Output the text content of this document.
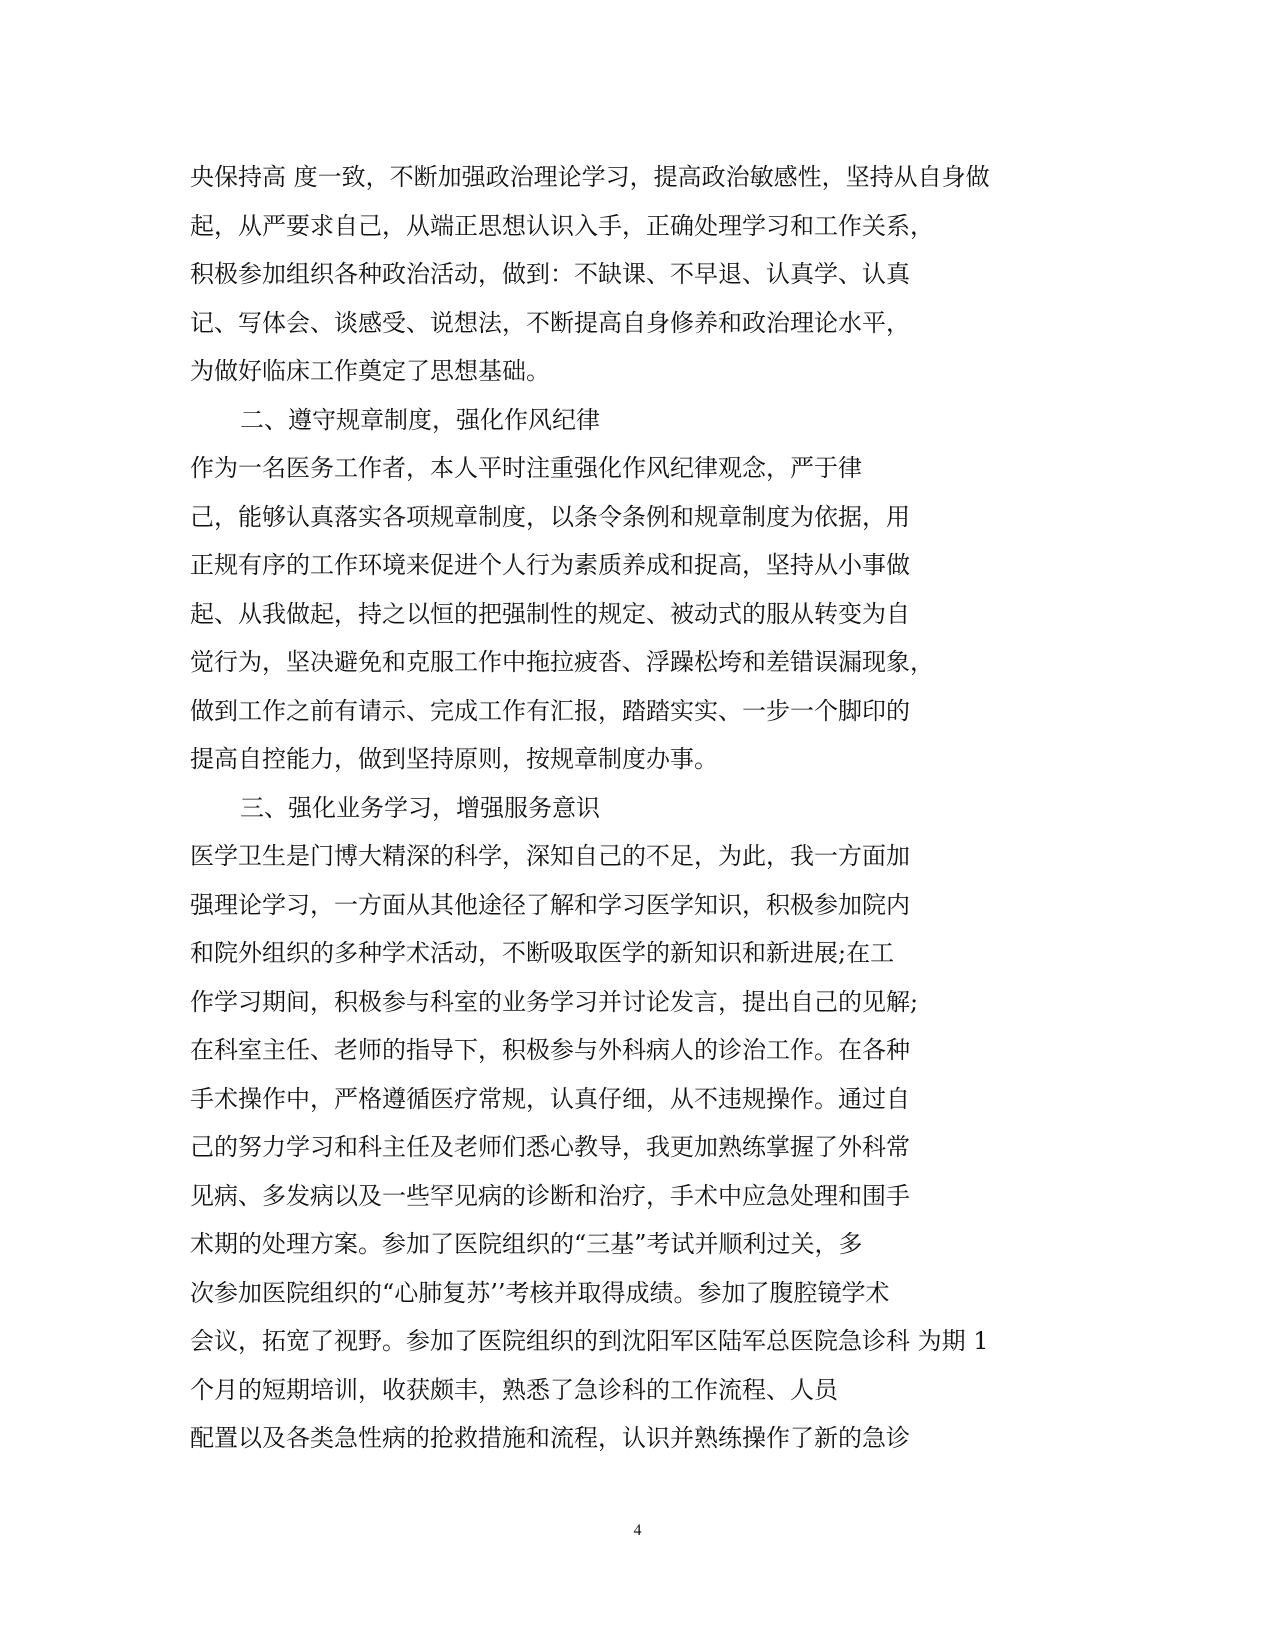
央保持高 度一致，不断加强政治理论学习，提高政治敏感性，坚持从自身做
起，从严要求自己，从端正思想认识入手，正确处理学习和工作关系，
积极参加组织各种政治活动，做到：不缺课、不早退、认真学、认真
记、写体会、谈感受、说想法，不断提高自身修养和政治理论水平，
为做好临床工作奠定了思想基础。
二、遵守规章制度，强化作风纪律
作为一名医务工作者，本人平时注重强化作风纪律观念，严于律
己，能够认真落实各项规章制度，以条令条例和规章制度为依据，用
正规有序的工作环境来促进个人行为素质养成和捉高，坚持从小事做
起、从我做起，持之以恒的把强制性的规定、被动式的服从转变为自
觉行为，坚决避免和克服工作中拖拉疲沓、浮躁松垮和差错误漏现象，
做到工作之前有请示、完成工作有汇报，踏踏实实、一步一个脚印的
提高自控能力，做到坚持原则，按规章制度办事。
三、强化业务学习，增强服务意识
医学卫生是门博大精深的科学，深知自己的不足，为此，我一方面加
强理论学习，一方面从其他途径了解和学习医学知识，积极参加院内
和院外组织的多种学术活动，不断吸取医学的新知识和新进展;在工
作学习期间，积极参与科室的业务学习并讨论发言，提出自己的见解;
在科室主任、老师的指导下，积极参与外科病人的诊治工作。在各种
手术操作中，严格遵循医疗常规，认真仔细，从不违规操作。通过自
己的努力学习和科主任及老师们悉心教导，我更加熟练掌握了外科常
见病、多发病以及一些罕见病的诊断和治疗，手术中应急处理和围手
术期的处理方案。参加了医院组织的“三基”考试并顺利过关，多
次参加医院组织的“心肺复苏’’考核并取得成绩。参加了腹腔镜学术
会议，拓宽了视野。参加了医院组织的到沈阳军区陆军总医院急诊科 为期 1
个月的短期培训，收获颇丰，熟悉了急诊科的工作流程、人员
配置以及各类急性病的抢救措施和流程，认识并熟练操作了新的急诊
4
